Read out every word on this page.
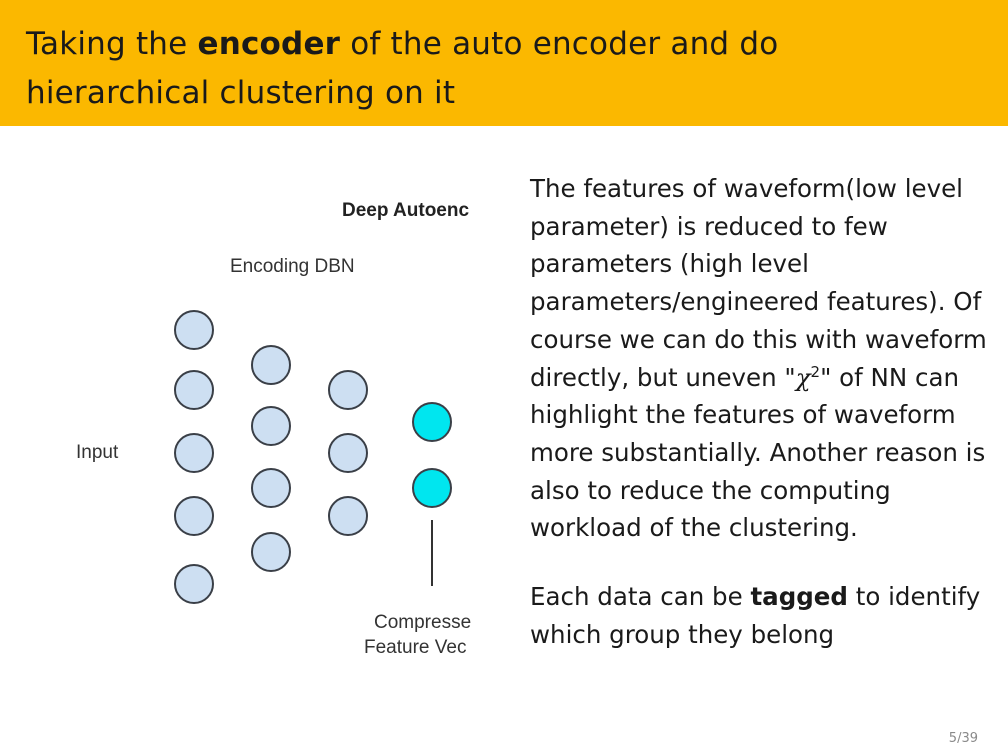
Taking the encoder of the auto encoder and do
hierarchical clustering on it
Deep Autoenc
Encoding DBN
Input
Compresse
Feature Vec

The features of waveform(low level parameter) is reduced to few parameters (high level parameters/engineered features). Of course we can do this with waveform directly, but uneven "$\chi^2$" of NN can highlight the features of waveform more substantially. Another reason is also to reduce the computing workload of the clustering.

Each data can be tagged to identify which group they belong

5/39
